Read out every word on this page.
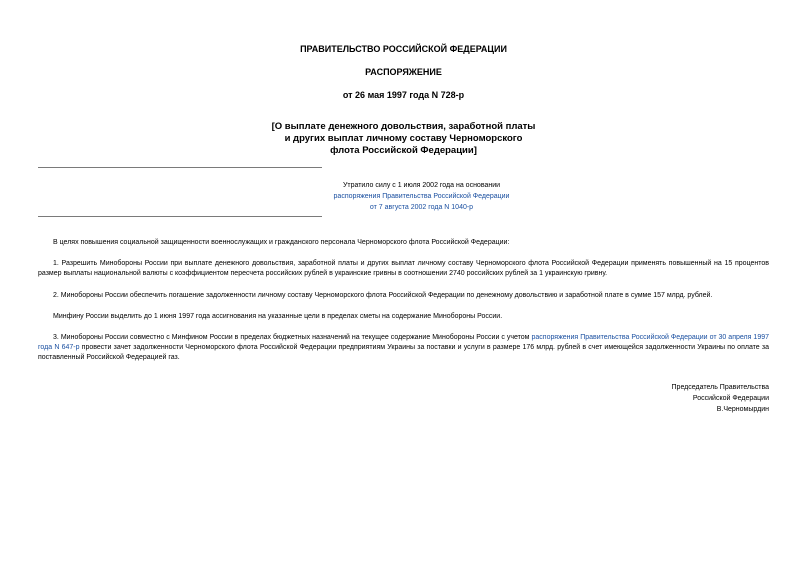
ПРАВИТЕЛЬСТВО РОССИЙСКОЙ ФЕДЕРАЦИИ
РАСПОРЯЖЕНИЕ
от 26 мая 1997 года N 728-р
[О выплате денежного довольствия, заработной платы
и других выплат личному составу Черноморского
флота Российской Федерации]
Утратило силу с 1 июля 2002 года на основании
распоряжения Правительства Российской Федерации
от 7 августа 2002 года N 1040-р
В целях повышения социальной защищенности военнослужащих и гражданского персонала Черноморского флота Российской Федерации:
1. Разрешить Минобороны России при выплате денежного довольствия, заработной платы и других выплат личному составу Черноморского флота Российской Федерации применять повышенный на 15 процентов размер выплаты национальной валюты с коэффициентом пересчета российских рублей в украинские гривны в соотношении 2740 российских рублей за 1 украинскую гривну.
2. Минобороны России обеспечить погашение задолженности личному составу Черноморского флота Российской Федерации по денежному довольствию и заработной плате в сумме 157 млрд. рублей.
Минфину России выделить до 1 июня 1997 года ассигнования на указанные цели в пределах сметы на содержание Минобороны России.
3. Минобороны России совместно с Минфином России в пределах бюджетных назначений на текущее содержание Минобороны России с учетом распоряжения Правительства Российской Федерации от 30 апреля 1997 года N 647-р провести зачет задолженности Черноморского флота Российской Федерации предприятиям Украины за поставки и услуги в размере 176 млрд. рублей в счет имеющейся задолженности Украины по оплате за поставленный Российской Федерацией газ.
Председатель Правительства
Российской Федерации
В.Черномырдин
